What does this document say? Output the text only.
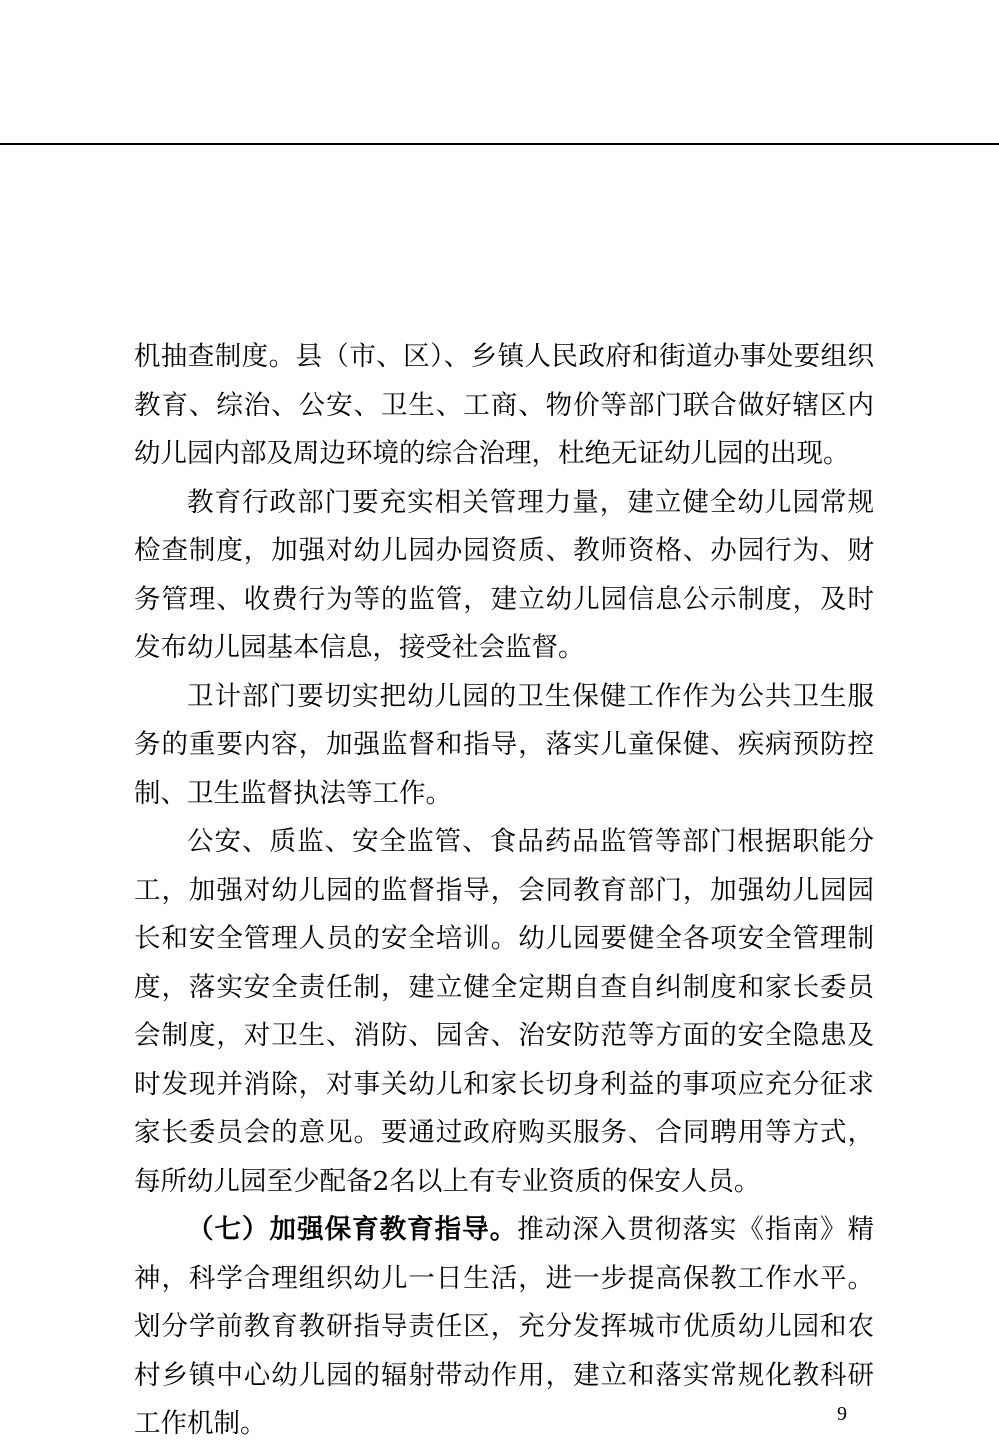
机抽查制度。县（市、区）、乡镇人民政府和街道办事处要组织教育、综治、公安、卫生、工商、物价等部门联合做好辖区内幼儿园内部及周边环境的综合治理，杜绝无证幼儿园的出现。

教育行政部门要充实相关管理力量，建立健全幼儿园常规检查制度，加强对幼儿园办园资质、教师资格、办园行为、财务管理、收费行为等的监管，建立幼儿园信息公示制度，及时发布幼儿园基本信息，接受社会监督。

卫计部门要切实把幼儿园的卫生保健工作作为公共卫生服务的重要内容，加强监督和指导，落实儿童保健、疾病预防控制、卫生监督执法等工作。

公安、质监、安全监管、食品药品监管等部门根据职能分工，加强对幼儿园的监督指导，会同教育部门，加强幼儿园园长和安全管理人员的安全培训。幼儿园要健全各项安全管理制度，落实安全责任制，建立健全定期自查自纠制度和家长委员会制度，对卫生、消防、园舍、治安防范等方面的安全隐患及时发现并消除，对事关幼儿和家长切身利益的事项应充分征求家长委员会的意见。要通过政府购买服务、合同聘用等方式，每所幼儿园至少配备2名以上有专业资质的保安人员。

（七）加强保育教育指导。推动深入贯彻落实《指南》精神，科学合理组织幼儿一日生活，进一步提高保教工作水平。划分学前教育教研指导责任区，充分发挥城市优质幼儿园和农村乡镇中心幼儿园的辐射带动作用，建立和落实常规化教科研工作机制。	9
